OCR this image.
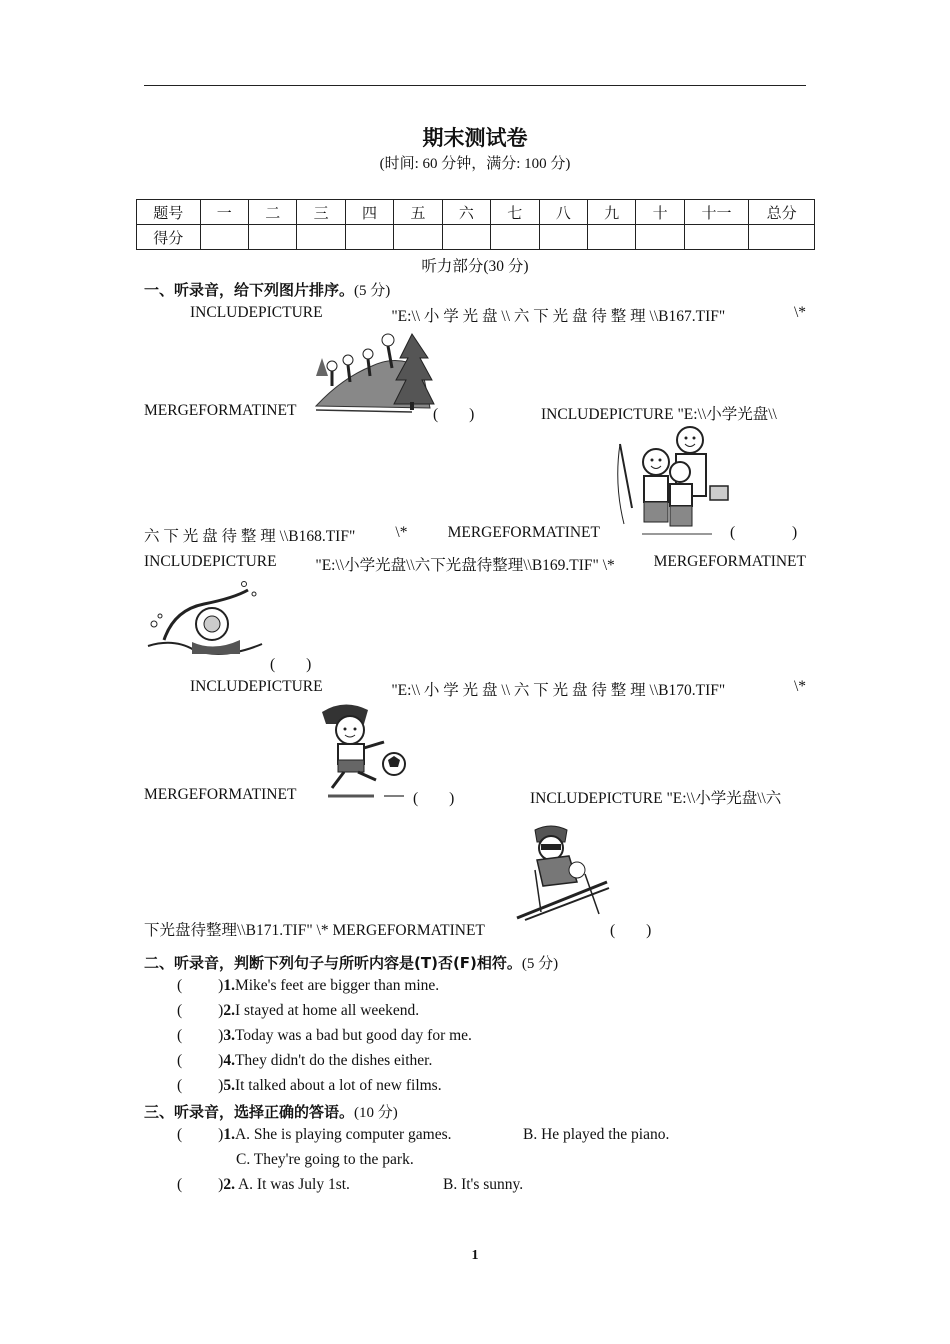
期末测试卷
(时间: 60 分钟，满分: 100 分)
题号	一	二	三	四	五	六	七	八	九	十	十一	总分
得分												
听力部分(30 分)
一、听录音，给下列图片排序。(5 分)
INCLUDEPICTURE	"E:\\ 小 学 光 盘 \\ 六 下 光 盘 待 整 理 \\B167.TIF"	\*
MERGEFORMATINET	(　　)	INCLUDEPICTURE "E:\\小学光盘\\
六 下 光 盘 待 整 理 \\B168.TIF"	\*	MERGEFORMATINET	(	)
INCLUDEPICTURE	"E:\\小学光盘\\六下光盘待整理\\B169.TIF" \*	MERGEFORMATINET
(　　)
INCLUDEPICTURE	"E:\\ 小 学 光 盘 \\ 六 下 光 盘 待 整 理 \\B170.TIF"	\*
MERGEFORMATINET	(　　)	INCLUDEPICTURE "E:\\小学光盘\\六
下光盘待整理\\B171.TIF" \* MERGEFORMATINET	(　　)
二、听录音，判断下列句子与所听内容是(T)否(F)相符。(5 分)
( )1.Mike's feet are bigger than mine.
( )2.I stayed at home all weekend.
( )3.Today was a bad but good day for me.
( )4.They didn't do the dishes either.
( )5.It talked about a lot of new films.
三、听录音，选择正确的答语。(10 分)
( )1.A. She is playing computer games.	B. He played the piano.
C. They're going to the park.
( )2. A. It was July 1st.	B. It's sunny.
1
